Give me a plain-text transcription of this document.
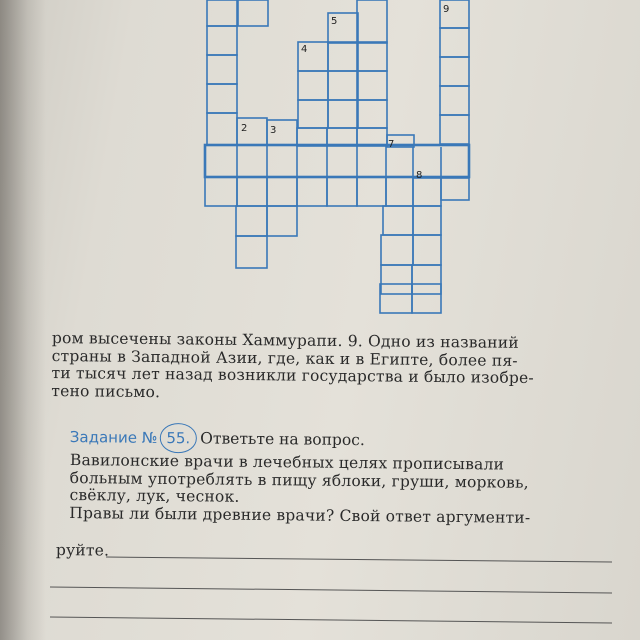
2 3
4
5
7
8
9
ром высечены законы Хаммурапи. 9. Одно из названий
страны в Западной Азии, где, как и в Египте, более пя-
ти тысяч лет назад возникли государства и было изобре-
тено письмо.
Задание № 55. Ответьте на вопрос.
Вавилонские врачи в лечебных целях прописывали
больным употреблять в пищу яблоки, груши, морковь,
свёклу, лук, чеснок.
Правы ли были древние врачи? Свой ответ аргументи-
руйте.
